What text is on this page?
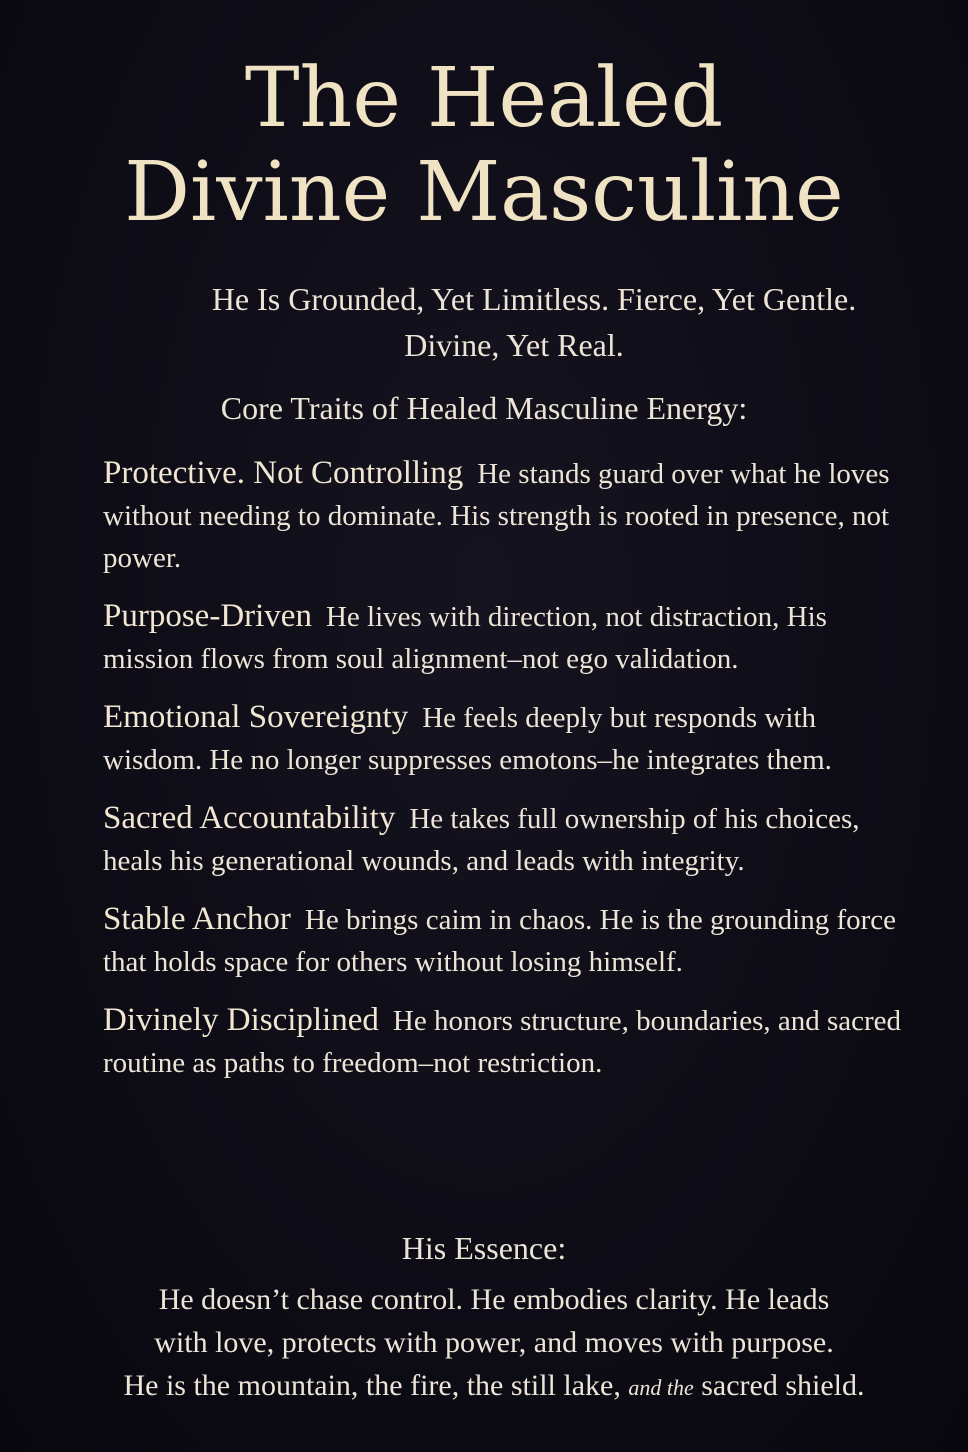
The Healed
Divine Masculine
He Is Grounded, Yet Limitless. Fierce, Yet Gentle.
Divine, Yet Real.
Core Traits of Healed Masculine Energy:

Protective. Not Controlling He stands guard over what he loves without needing to dominate. His strength is rooted in presence, not power.

Purpose-Driven He lives with direction, not distraction, His mission flows from soul alignment–not ego validation.

Emotional Sovereignty He feels deeply but responds with wisdom. He no longer suppresses emotons–he integrates them.

Sacred Accountability He takes full ownership of his choices, heals his generational wounds, and leads with integrity.

Stable Anchor He brings caim in chaos. He is the grounding force that holds space for others without losing himself.

Divinely Disciplined He honors structure, boundaries, and sacred routine as paths to freedom–not restriction.

His Essence:
He doesn’t chase control. He embodies clarity. He leads
with love, protects with power, and moves with purpose.
He is the mountain, the fire, the still lake, and the sacred shield.
